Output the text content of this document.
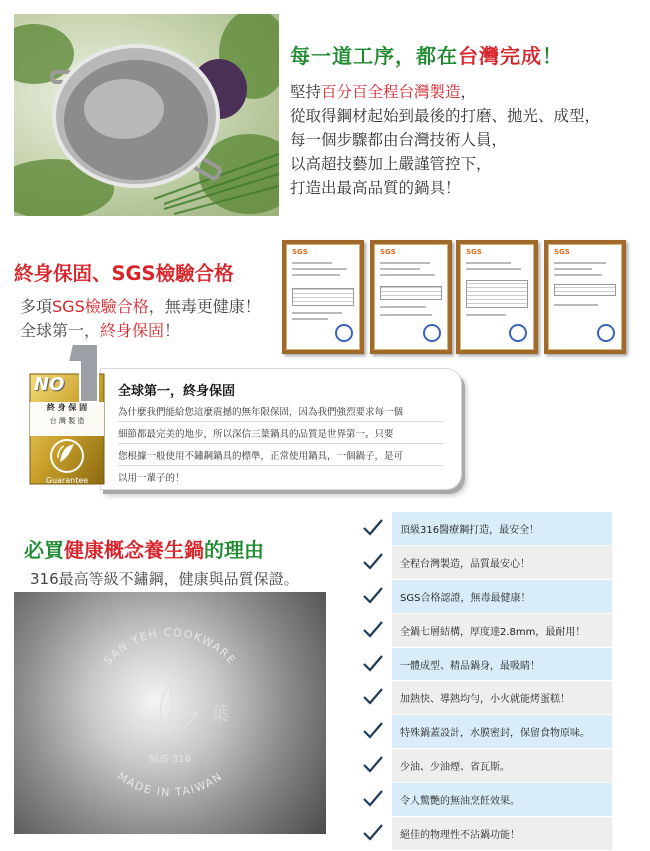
每一道工序，都在台灣完成！
堅持百分百全程台灣製造，
從取得鋼材起始到最後的打磨、拋光、成型，
每一個步驟都由台灣技術人員，
以高超技藝加上嚴謹管控下，
打造出最高品質的鍋具！
終身保固、SGS檢驗合格
多項SGS檢驗合格，無毒更健康！
全球第一，終身保固！
SGS	SGS	SGS	SGS
全球第一，終身保固
為什麼我們能給您這麼震撼的無年限保固，因為我們強烈要求每一個
細節都最完美的地步，所以深信三葉鍋具的品質是世界第一。只要
您根據一般使用不鏽鋼鍋具的標準，正常使用鍋具，一個鍋子，是可
以用一輩子的！
NO
終 身 保 固
台 灣 製 造
Guarantee
必買健康概念養生鍋的理由
316最高等級不鏽鋼，健康與品質保證。
SAN YEH COOKWARE
MADE IN TAIWAN
SUS 316
三	葉
頂級316醫療鋼打造，最安全！
全程台灣製造，品質最安心！
SGS合格認證，無毒最健康！
全鍋七層結構，厚度達2.8mm，最耐用！
一體成型、精品鍋身，最吸睛！
加熱快、導熱均勻，小火就能烤蛋糕！
特殊鍋蓋設計，水膜密封，保留食物原味。
少油、少油煙、省瓦斯。
令人驚艷的無油烹飪效果。
絕佳的物理性不沾鍋功能！
